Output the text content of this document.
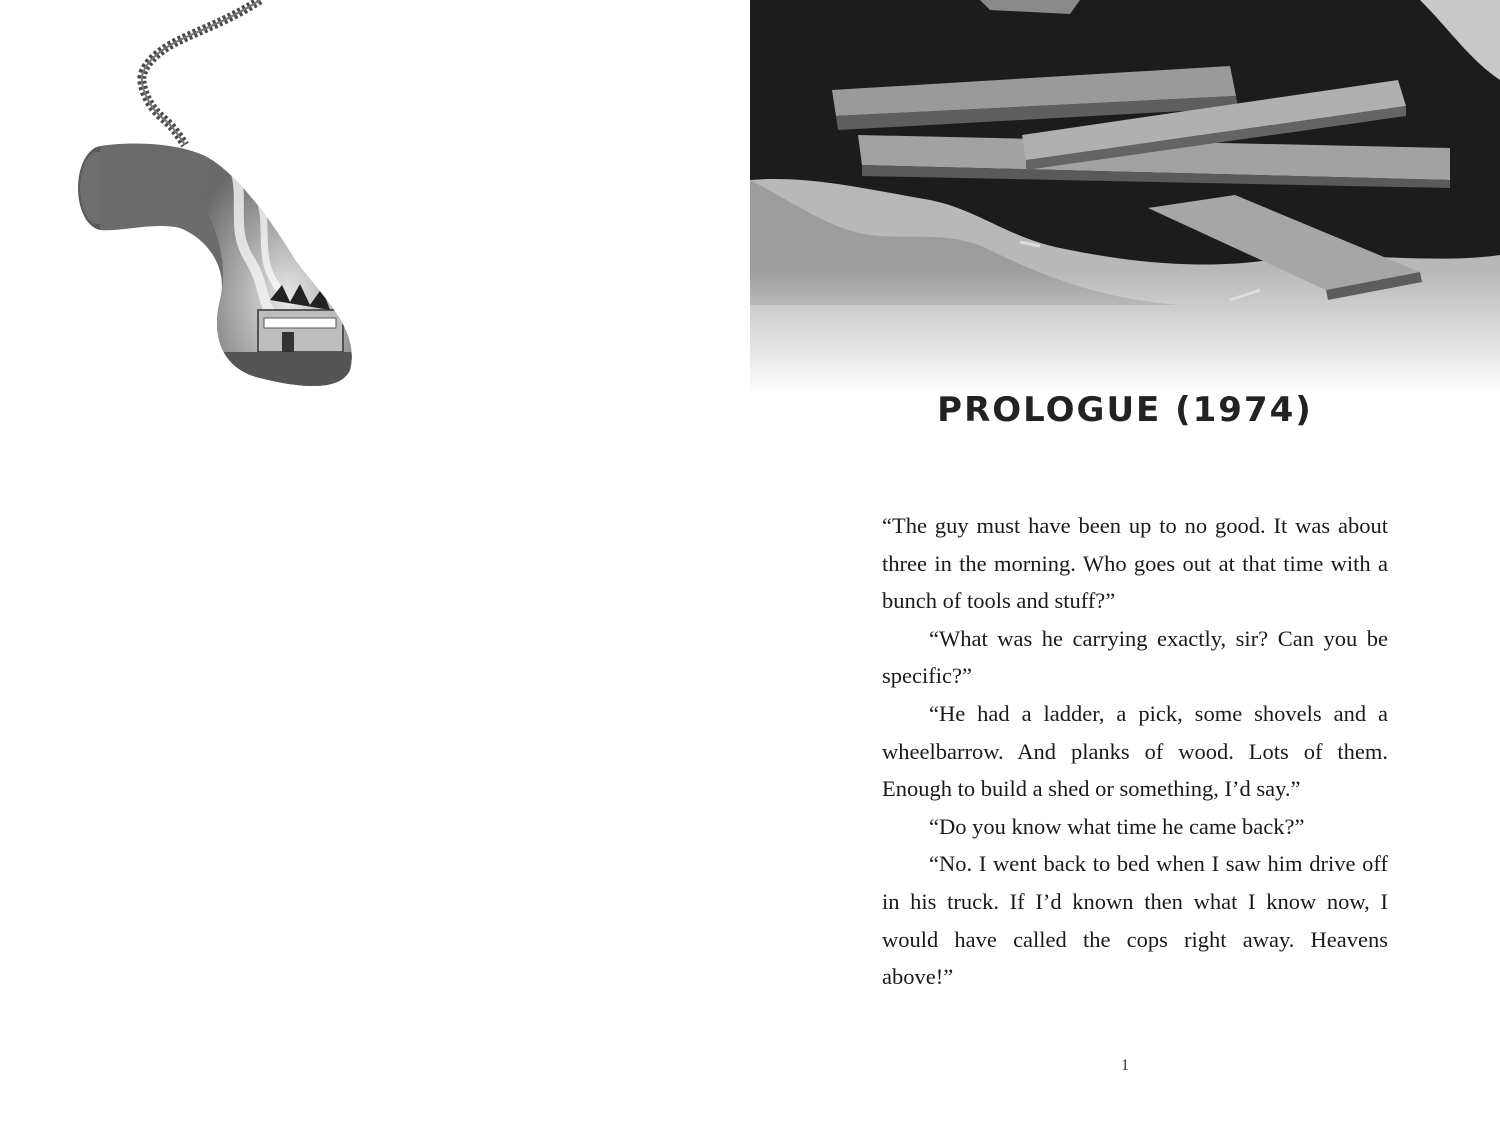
PROLOGUE (1974)

“The guy must have been up to no good. It was about three in the morning. Who goes out at that time with a bunch of tools and stuff?”

“What was he carrying exactly, sir? Can you be specific?”

“He had a ladder, a pick, some shovels and a wheelbarrow. And planks of wood. Lots of them. Enough to build a shed or something, I’d say.”

“Do you know what time he came back?”

“No. I went back to bed when I saw him drive off in his truck. If I’d known then what I know now, I would have called the cops right away. Heavens above!”

1
